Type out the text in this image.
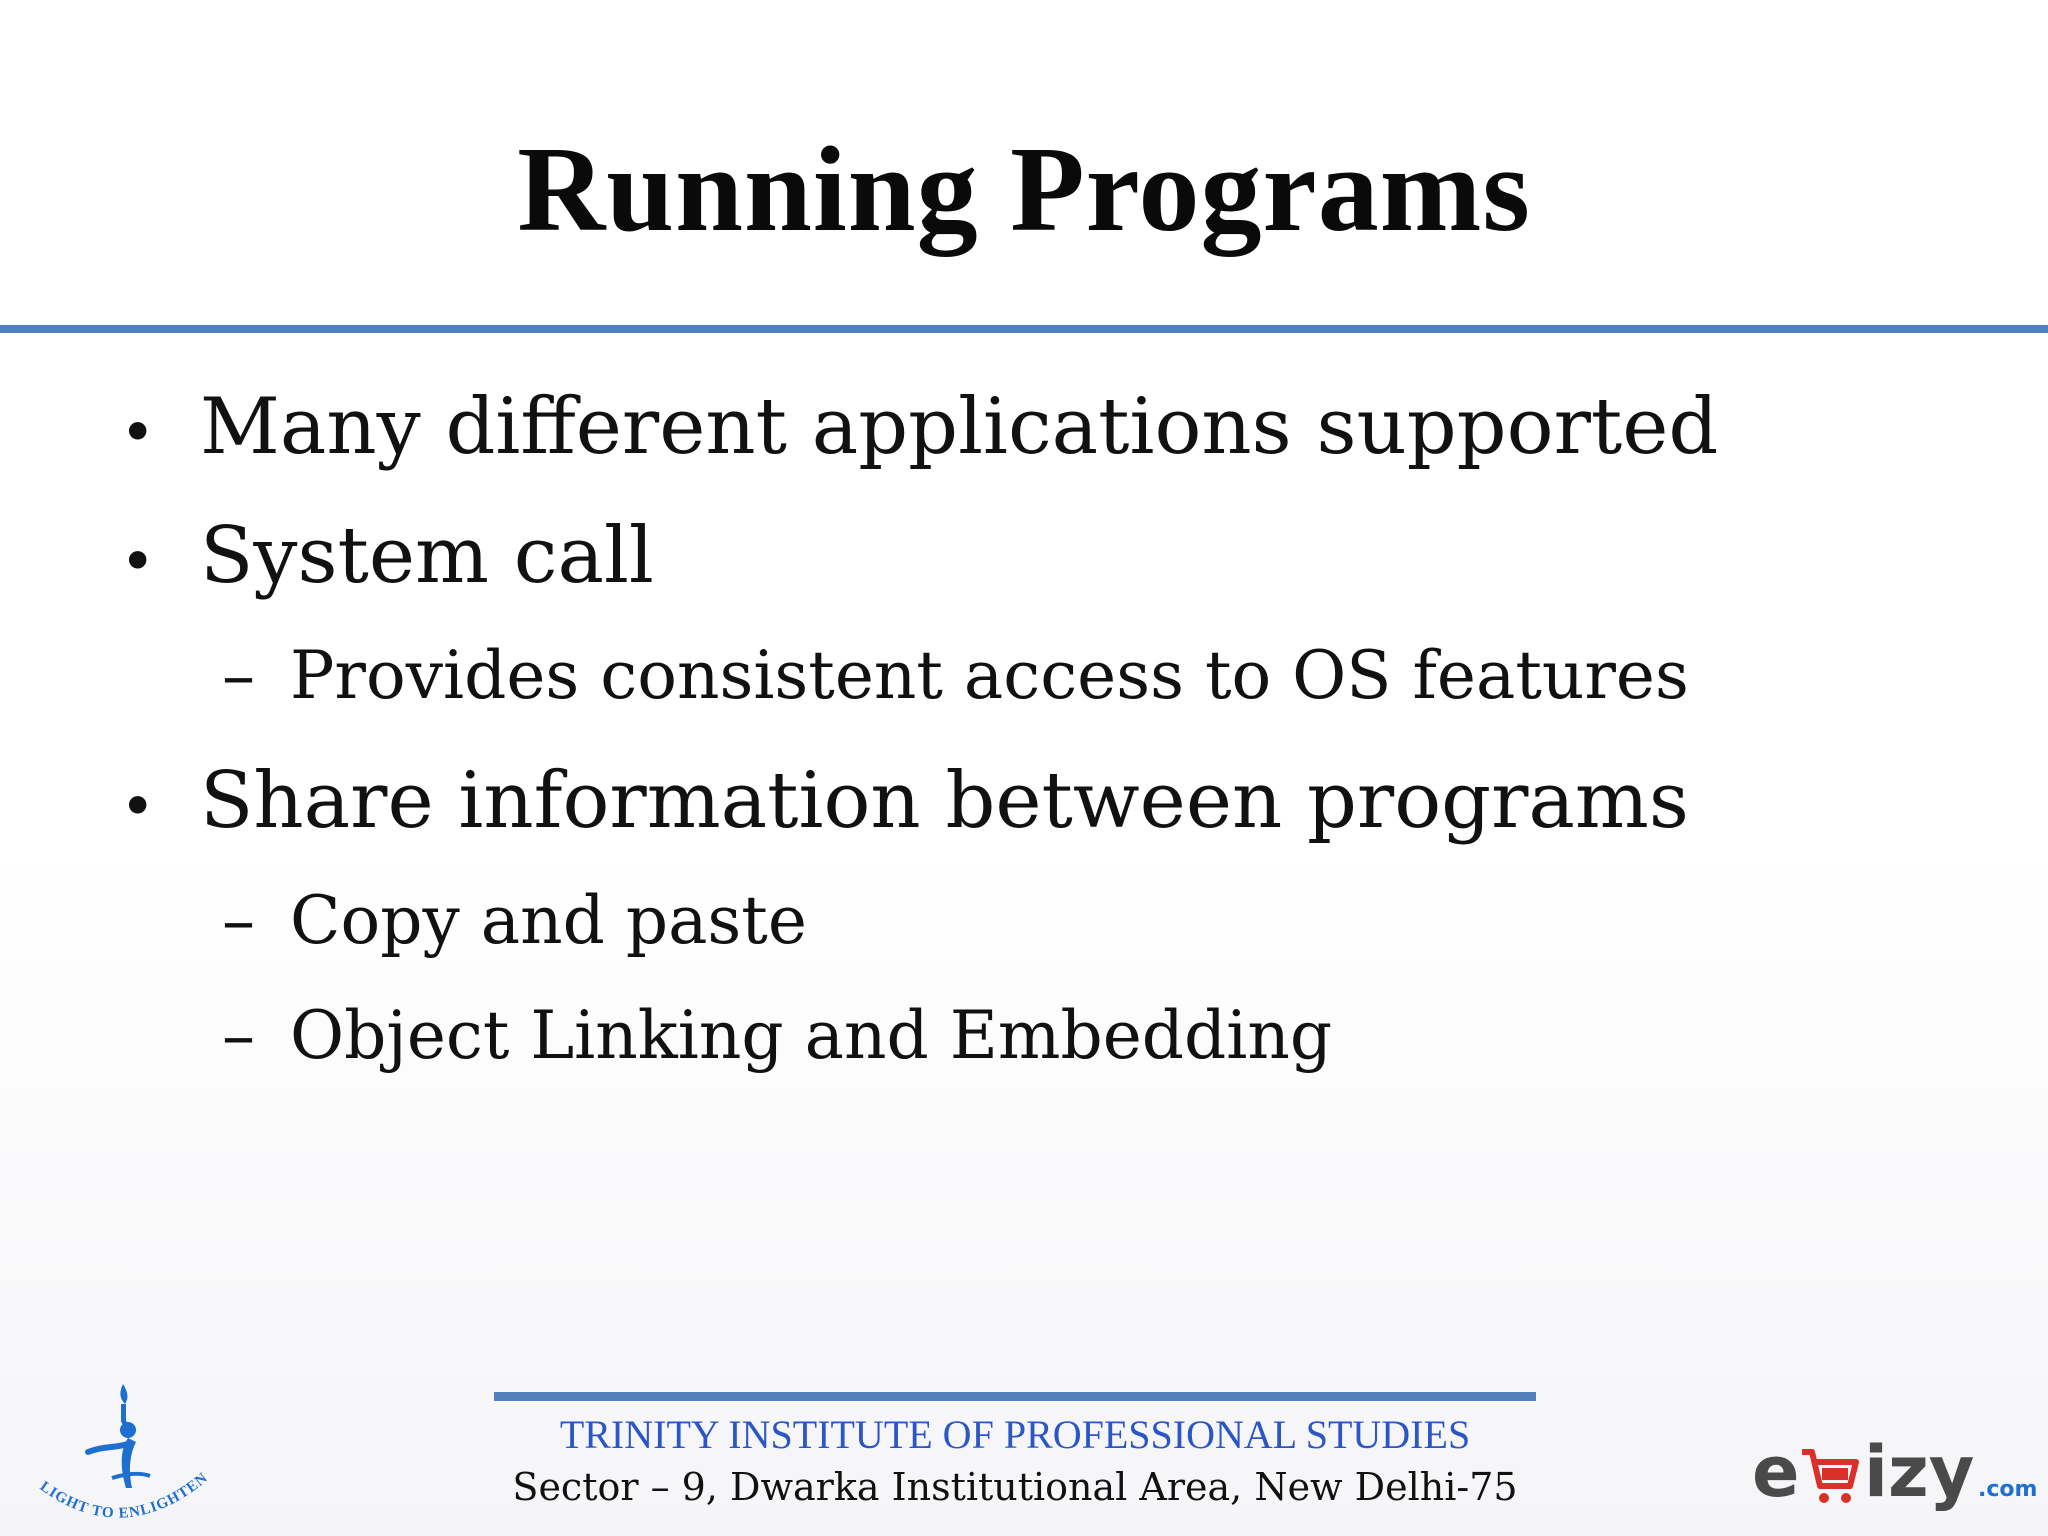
Running Programs
• Many different applications supported
• System call
– Provides consistent access to OS features
• Share information between programs
– Copy and paste
– Object Linking and Embedding
LIGHT TO ENLIGHTEN
TRINITY INSTITUTE OF PROFESSIONAL STUDIES
Sector – 9, Dwarka Institutional Area, New Delhi-75	e izy .com
